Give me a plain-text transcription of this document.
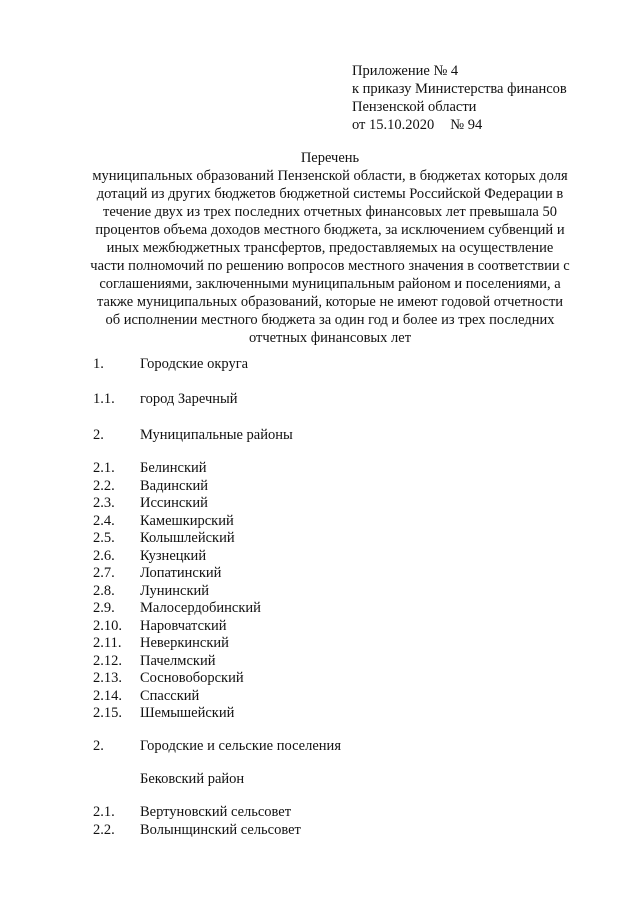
Приложение № 4
к приказу Министерства финансов
Пензенской области
от 15.10.2020 № 94
Перечень
муниципальных образований Пензенской области, в бюджетах которых доля
дотаций из других бюджетов бюджетной системы Российской Федерации в
течение двух из трех последних отчетных финансовых лет превышала 50
процентов объема доходов местного бюджета, за исключением субвенций и
иных межбюджетных трансфертов, предоставляемых на осуществление
части полномочий по решению вопросов местного значения в соответствии с
соглашениями, заключенными муниципальным районом и поселениями, а
также муниципальных образований, которые не имеют годовой отчетности
об исполнении местного бюджета за один год и более из трех последних
отчетных финансовых лет
1. Городские округа
1.1. город Заречный
2. Муниципальные районы
2.1. Белинский
2.2. Вадинский
2.3. Иссинский
2.4. Камешкирский
2.5. Колышлейский
2.6. Кузнецкий
2.7. Лопатинский
2.8. Лунинский
2.9. Малосердобинский
2.10. Наровчатский
2.11. Неверкинский
2.12. Пачелмский
2.13. Сосновоборский
2.14. Спасский
2.15. Шемышейский
2. Городские и сельские поселения
Бековский район
2.1. Вертуновский сельсовет
2.2. Волынщинский сельсовет
